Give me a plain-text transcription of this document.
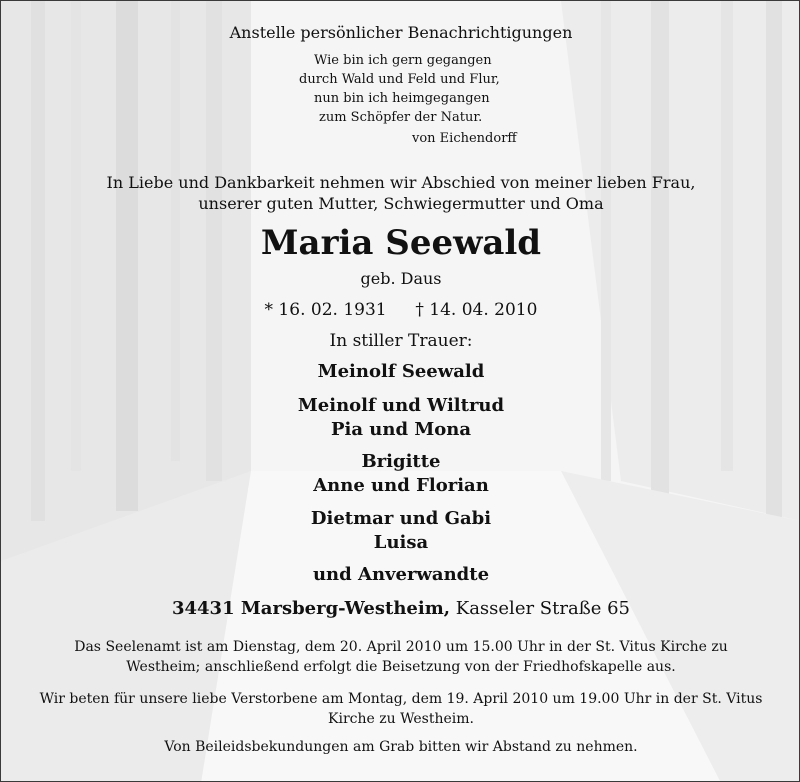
Anstelle persönlicher Benachrichtigungen
Wie bin ich gern gegangen
durch Wald und Feld und Flur,
nun bin ich heimgegangen
zum Schöpfer der Natur.
von Eichendorff
In Liebe und Dankbarkeit nehmen wir Abschied von meiner lieben Frau,
unserer guten Mutter, Schwiegermutter und Oma
Maria Seewald
geb. Daus
* 16. 02. 1931 † 14. 04. 2010
In stiller Trauer:
Meinolf Seewald
Meinolf und Wiltrud
Pia und Mona
Brigitte
Anne und Florian
Dietmar und Gabi
Luisa
und Anverwandte
34431 Marsberg-Westheim, Kasseler Straße 65
Das Seelenamt ist am Dienstag, dem 20. April 2010 um 15.00 Uhr in der St. Vitus Kirche zu
Westheim; anschließend erfolgt die Beisetzung von der Friedhofskapelle aus.
Wir beten für unsere liebe Verstorbene am Montag, dem 19. April 2010 um 19.00 Uhr in der St. Vitus
Kirche zu Westheim.
Von Beileidsbekundungen am Grab bitten wir Abstand zu nehmen.
